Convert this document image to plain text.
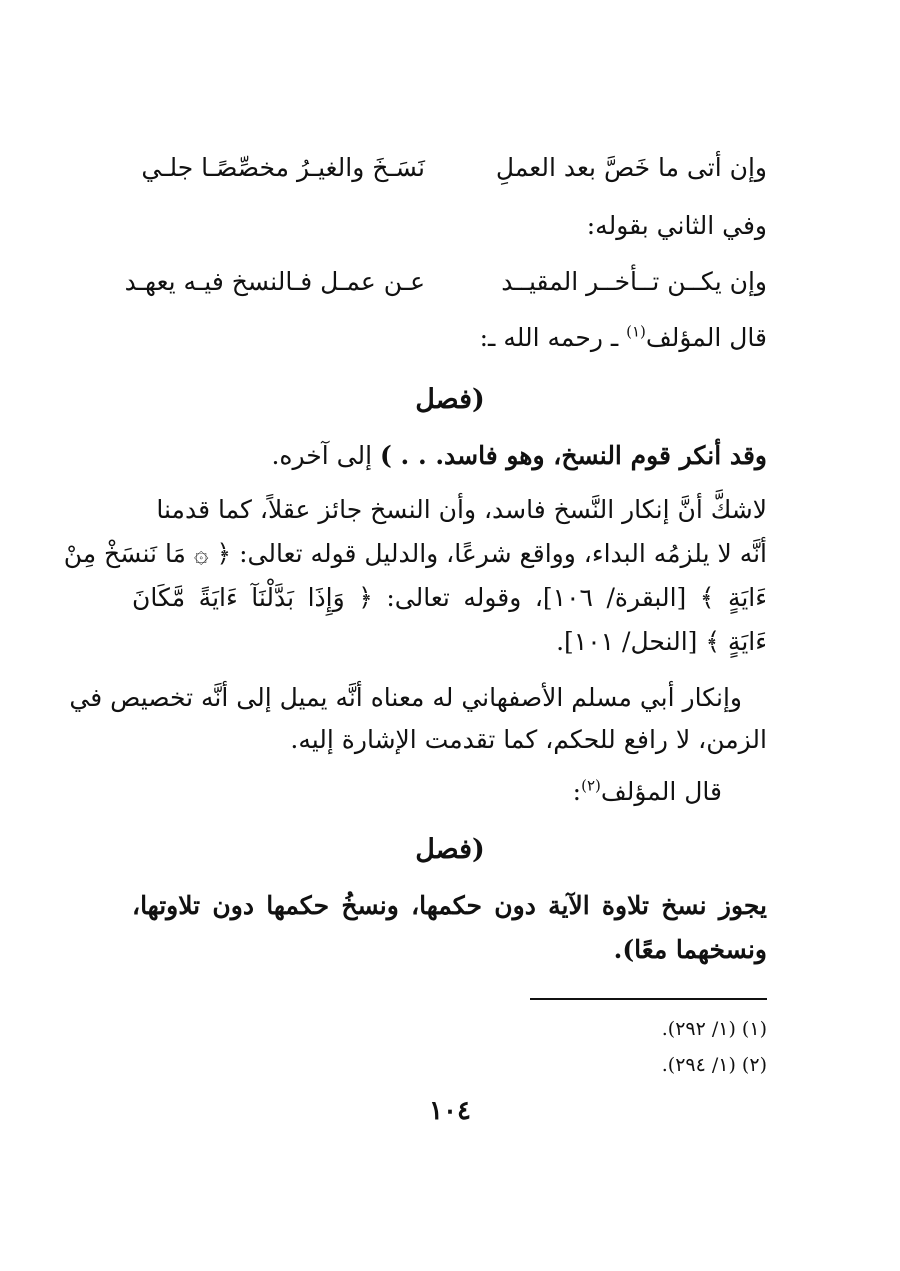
وإن أتى ما خَصَّ بعد العملِ
نَسَـخَ والغيـرُ مخصِّصًـا جلـي
وفي الثاني بقوله:
وإن يكــن تــأخــر المقيــد
عـن عمـل فـالنسخ فيـه يعهـد
قال المؤلف$^{(١)}$ ـ رحمه الله ـ:
(فصل
وقد أنكر قوم النسخ، وهو فاسد. . . ) إلى آخره.
لاشكَّ أنَّ إنكار النَّسخ فاسد، وأن النسخ جائز عقلاً، كما قدمنا
أنَّه لا يلزمُه البداء، وواقع شرعًا، والدليل قوله تعالى: ﴿ ۞ مَا نَنسَخْ مِنْ
ءَايَةٍ ﴾ [البقرة/ ١٠٦]، وقوله تعالى: ﴿ وَإِذَا بَدَّلْنَآ ءَايَةً مَّكَانَ
ءَايَةٍ ﴾ [النحل/ ١٠١].
وإنكار أبي مسلم الأصفهاني له معناه أنَّه يميل إلى أنَّه تخصيص في
الزمن، لا رافع للحكم، كما تقدمت الإشارة إليه.
قال المؤلف$^{(٢)}$:
(فصل
يجوز نسخ تلاوة الآية دون حكمها، ونسخُ حكمها دون تلاوتها،
ونسخهما معًا).
(١) (١/ ٢٩٢).
(٢) (١/ ٢٩٤).
١٠٤
